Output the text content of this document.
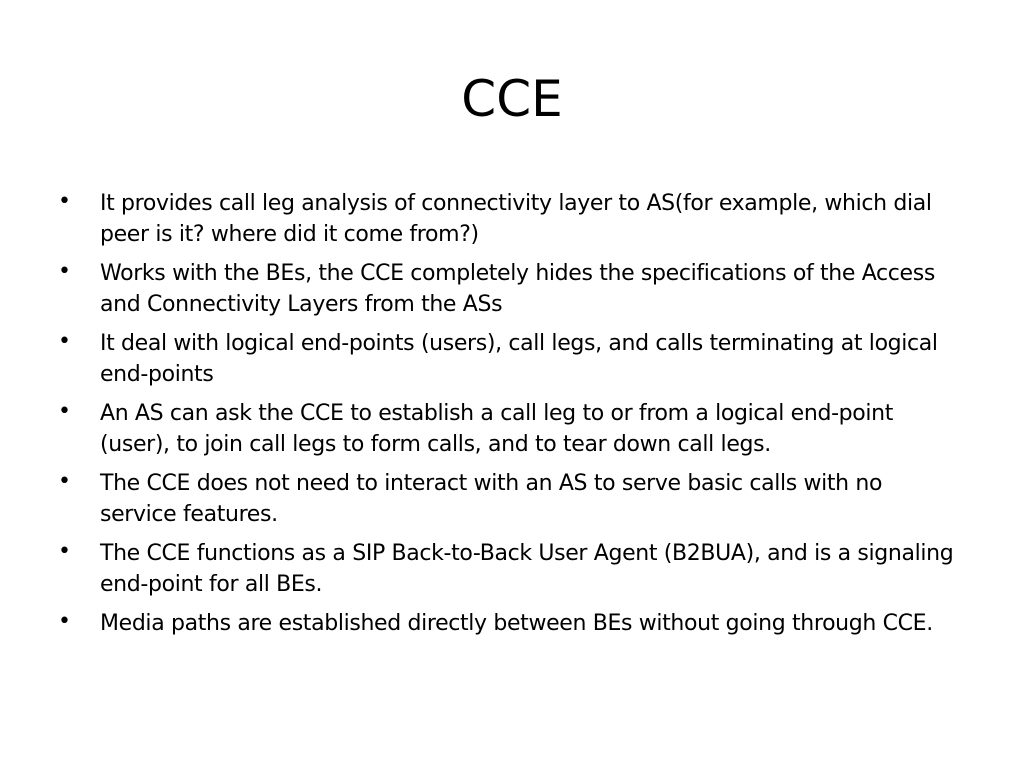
CCE
•	It provides call leg analysis of connectivity layer to AS(for example, which dial peer is it? where did it come from?)
•	Works with the BEs, the CCE completely hides the specifications of the Access and Connectivity Layers from the ASs
•	It deal with logical end-points (users), call legs, and calls terminating at logical end-points
•	An AS can ask the CCE to establish a call leg to or from a logical end-point (user), to join call legs to form calls, and to tear down call legs.
•	The CCE does not need to interact with an AS to serve basic calls with no service features.
•	The CCE functions as a SIP Back-to-Back User Agent (B2BUA), and is a signaling end-point for all BEs.
•	Media paths are established directly between BEs without going through CCE.
